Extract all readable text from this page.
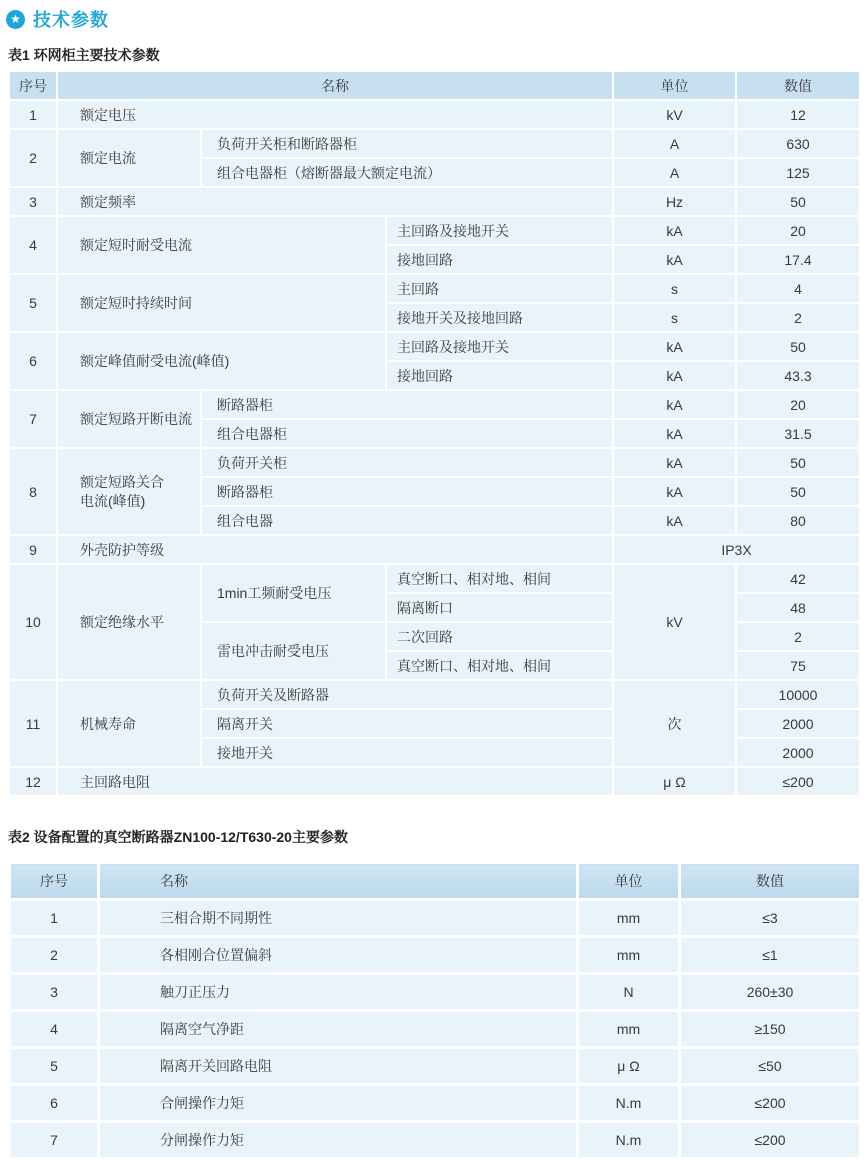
★ 技术参数
表1 环网柜主要技术参数
序号	名称			单位	数值
1	额定电压			kV	12
2	额定电流	负荷开关柜和断路器柜		A	630
		组合电器柜（熔断器最大额定电流）		A	125
3	额定频率			Hz	50
4	额定短时耐受电流		主回路及接地开关	kA	20
			接地回路	kA	17.4
5	额定短时持续时间		主回路	s	4
			接地开关及接地回路	s	2
6	额定峰值耐受电流(峰值)		主回路及接地开关	kA	50
			接地回路	kA	43.3
7	额定短路开断电流	断路器柜		kA	20
		组合电器柜		kA	31.5
8	额定短路关合电流(峰值)	负荷开关柜		kA	50
		断路器柜		kA	50
		组合电器		kA	80
9	外壳防护等级			IP3X	
10	额定绝缘水平	1min工频耐受电压	真空断口、相对地、相间	kV	42
			隔离断口		48
		雷电冲击耐受电压	二次回路		2
			真空断口、相对地、相间		75
11	机械寿命	负荷开关及断路器		次	10000
		隔离开关			2000
		接地开关			2000
12	主回路电阻			μ Ω	≤200
表2 设备配置的真空断路器ZN100-12/T630-20主要参数
序号	名称	单位	数值
1	三相合期不同期性	mm	≤3
2	各相刚合位置偏斜	mm	≤1
3	触刀正压力	N	260±30
4	隔离空气净距	mm	≥150
5	隔离开关回路电阻	μ Ω	≤50
6	合闸操作力矩	N.m	≤200
7	分闸操作力矩	N.m	≤200
